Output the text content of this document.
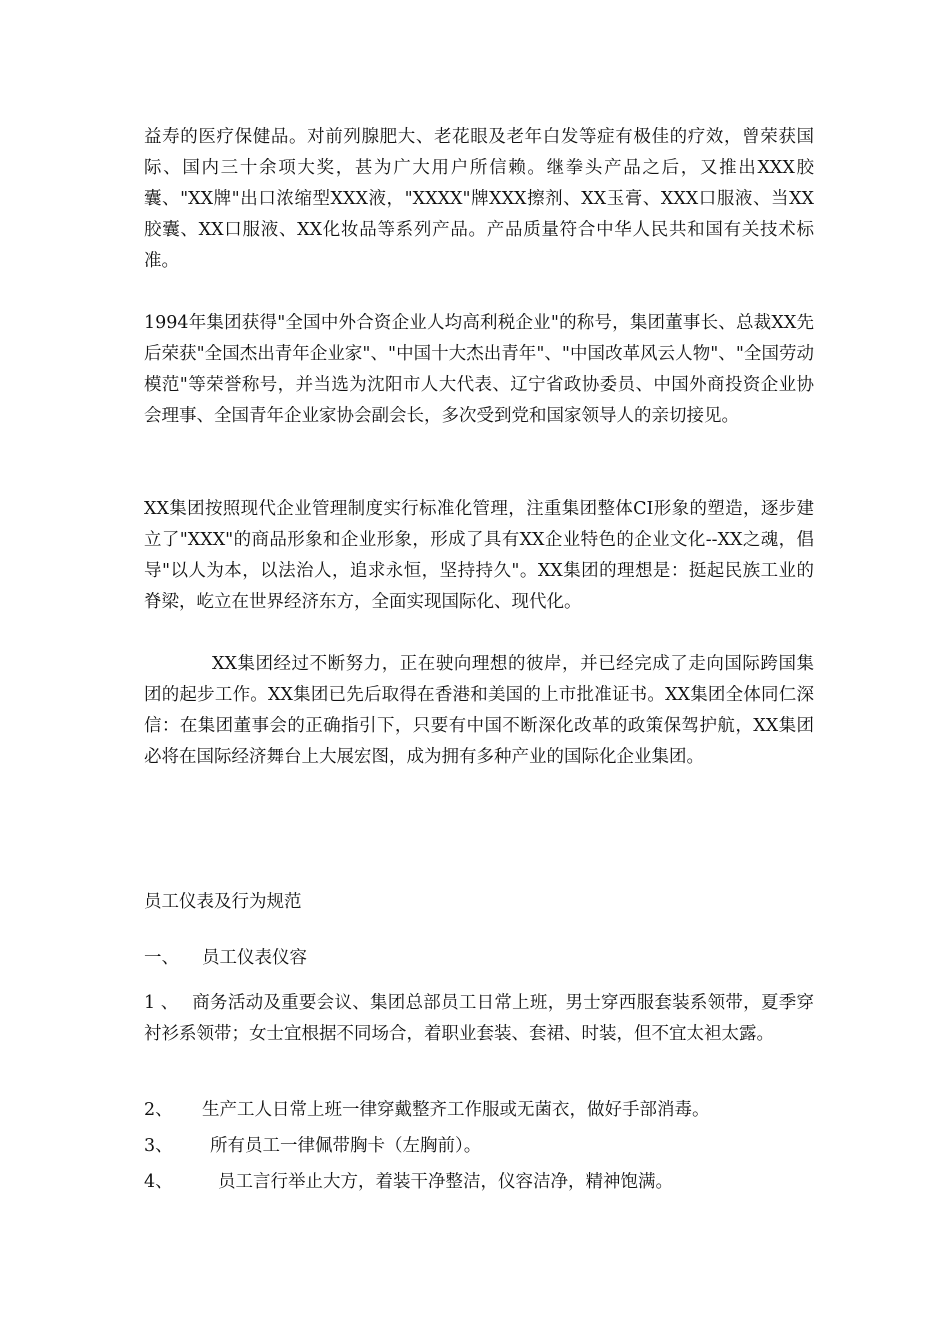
益寿的医疗保健品。对前列腺肥大、老花眼及老年白发等症有极佳的疗效，曾荣获国际、国内三十余项大奖，甚为广大用户所信赖。继拳头产品之后，又推出XXX胶囊、"XX牌"出口浓缩型XXX液，"XXXX"牌XXX擦剂、XX玉膏、XXX口服液、当XX胶囊、XX口服液、XX化妆品等系列产品。产品质量符合中华人民共和国有关技术标准。

1994年集团获得"全国中外合资企业人均高利税企业"的称号，集团董事长、总裁XX先后荣获"全国杰出青年企业家"、"中国十大杰出青年"、"中国改革风云人物"、"全国劳动模范"等荣誉称号，并当选为沈阳市人大代表、辽宁省政协委员、中国外商投资企业协会理事、全国青年企业家协会副会长，多次受到党和国家领导人的亲切接见。

XX集团按照现代企业管理制度实行标准化管理，注重集团整体CI形象的塑造，逐步建立了"XXX"的商品形象和企业形象，形成了具有XX企业特色的企业文化--XX之魂，倡导"以人为本，以法治人，追求永恒，坚持持久"。XX集团的理想是：挺起民族工业的脊梁，屹立在世界经济东方，全面实现国际化、现代化。

XX集团经过不断努力，正在驶向理想的彼岸，并已经完成了走向国际跨国集团的起步工作。XX集团已先后取得在香港和美国的上市批准证书。XX集团全体同仁深信：在集团董事会的正确指引下，只要有中国不断深化改革的政策保驾护航，XX集团必将在国际经济舞台上大展宏图，成为拥有多种产业的国际化企业集团。

员工仪表及行为规范
一、 员工仪表仪容

1 、 商务活动及重要会议、集团总部员工日常上班，男士穿西服套装系领带，夏季穿衬衫系领带；女士宜根据不同场合，着职业套装、套裙、时装，但不宜太袒太露。

2、 生产工人日常上班一律穿戴整齐工作服或无菌衣，做好手部消毒。
3、 所有员工一律佩带胸卡（左胸前）。
4、	员工言行举止大方，着装干净整洁，仪容洁净，精神饱满。
